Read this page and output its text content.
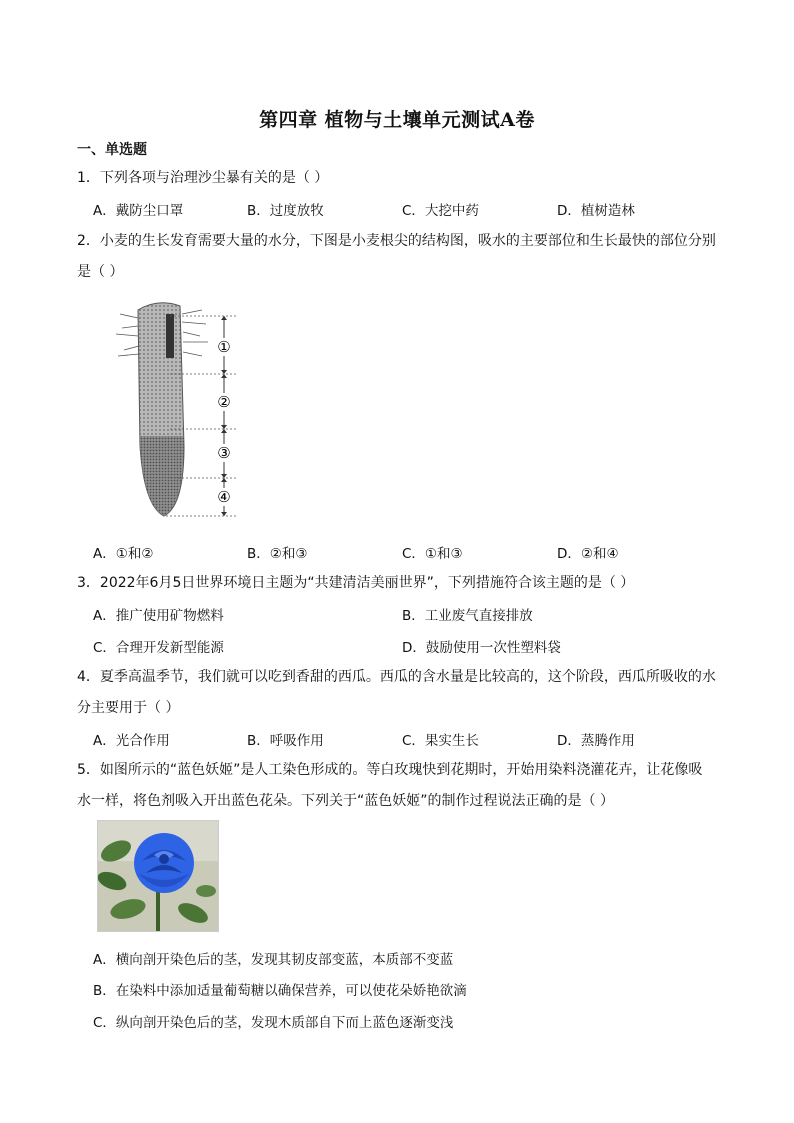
第四章 植物与土壤单元测试A卷
一、单选题
1．下列各项与治理沙尘暴有关的是（ ）
A．戴防尘口罩	B．过度放牧	C．大挖中药	D．植树造林
2．小麦的生长发育需要大量的水分，下图是小麦根尖的结构图，吸水的主要部位和生长最快的部位分别
是（ ）
①
②
③
④
A．①和②	B．②和③	C．①和③	D．②和④
3．2022年6月5日世界环境日主题为“共建清洁美丽世界”，下列措施符合该主题的是（ ）
A．推广使用矿物燃料	B．工业废气直接排放
C．合理开发新型能源	D．鼓励使用一次性塑料袋
4．夏季高温季节，我们就可以吃到香甜的西瓜。西瓜的含水量是比较高的，这个阶段，西瓜所吸收的水
分主要用于（ ）
A．光合作用	B．呼吸作用	C．果实生长	D．蒸腾作用
5．如图所示的“蓝色妖姬”是人工染色形成的。等白玫瑰快到花期时，开始用染料浇灌花卉，让花像吸
水一样，将色剂吸入开出蓝色花朵。下列关于“蓝色妖姬”的制作过程说法正确的是（ ）
A．横向剖开染色后的茎，发现其韧皮部变蓝，本质部不变蓝
B．在染料中添加适量葡萄糖以确保营养，可以使花朵娇艳欲滴
C．纵向剖开染色后的茎，发现木质部自下而上蓝色逐渐变浅
